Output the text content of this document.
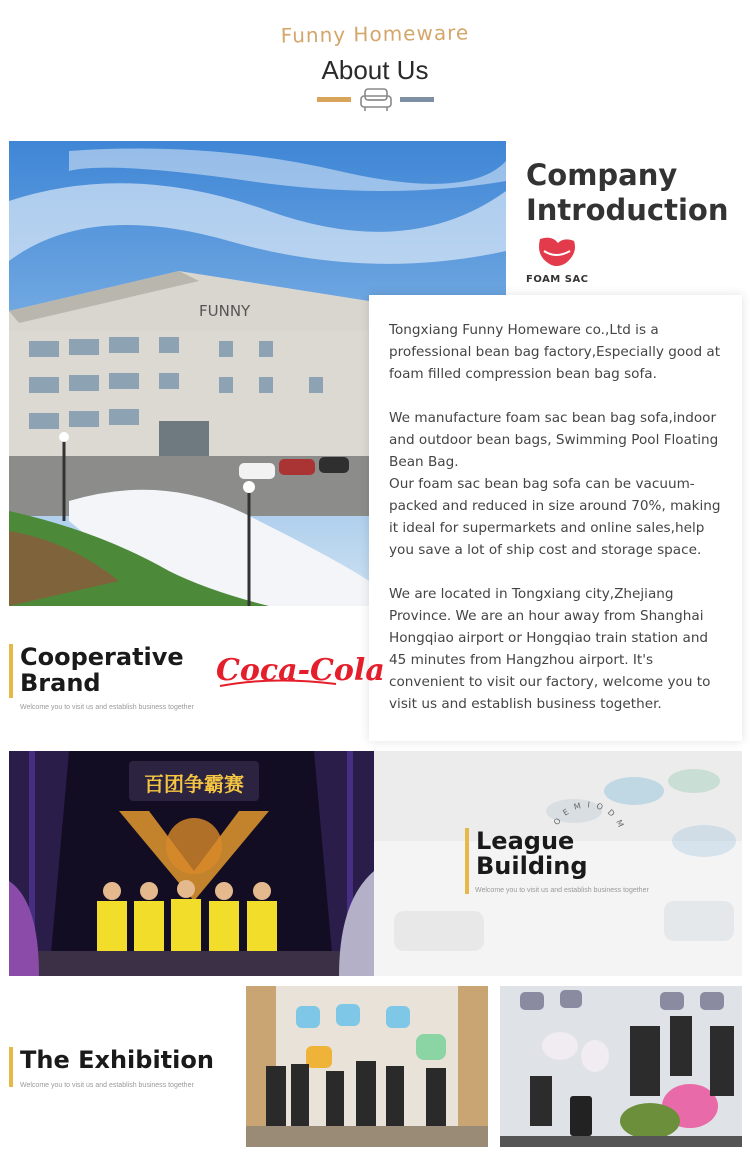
Funny Homeware
About Us
FUNNY
Company
Introduction
FOAM SAC

Tongxiang Funny Homeware co.,Ltd is a professional bean bag factory,Especially good at foam filled compression bean bag sofa.

We manufacture foam sac bean bag sofa,indoor and outdoor bean bags, Swimming Pool Floating Bean Bag.

Our foam sac bean bag sofa can be vacuum-packed and reduced in size around 70%, making it ideal for supermarkets and online sales,help you save a lot of ship cost and storage space.

We are located in Tongxiang city,Zhejiang Province. We are an hour away from Shanghai Hongqiao airport or Hongqiao train station and 45 minutes from Hangzhou airport. It's convenient to visit our factory, welcome you to visit us and establish business together.

Cooperative
Brand
Welcome you to visit us and establish business together
Coca-Cola
百团争霸赛
League
Building
Welcome you to visit us and establish business together
OEMIODM
The Exhibition
Welcome you to visit us and establish business together
